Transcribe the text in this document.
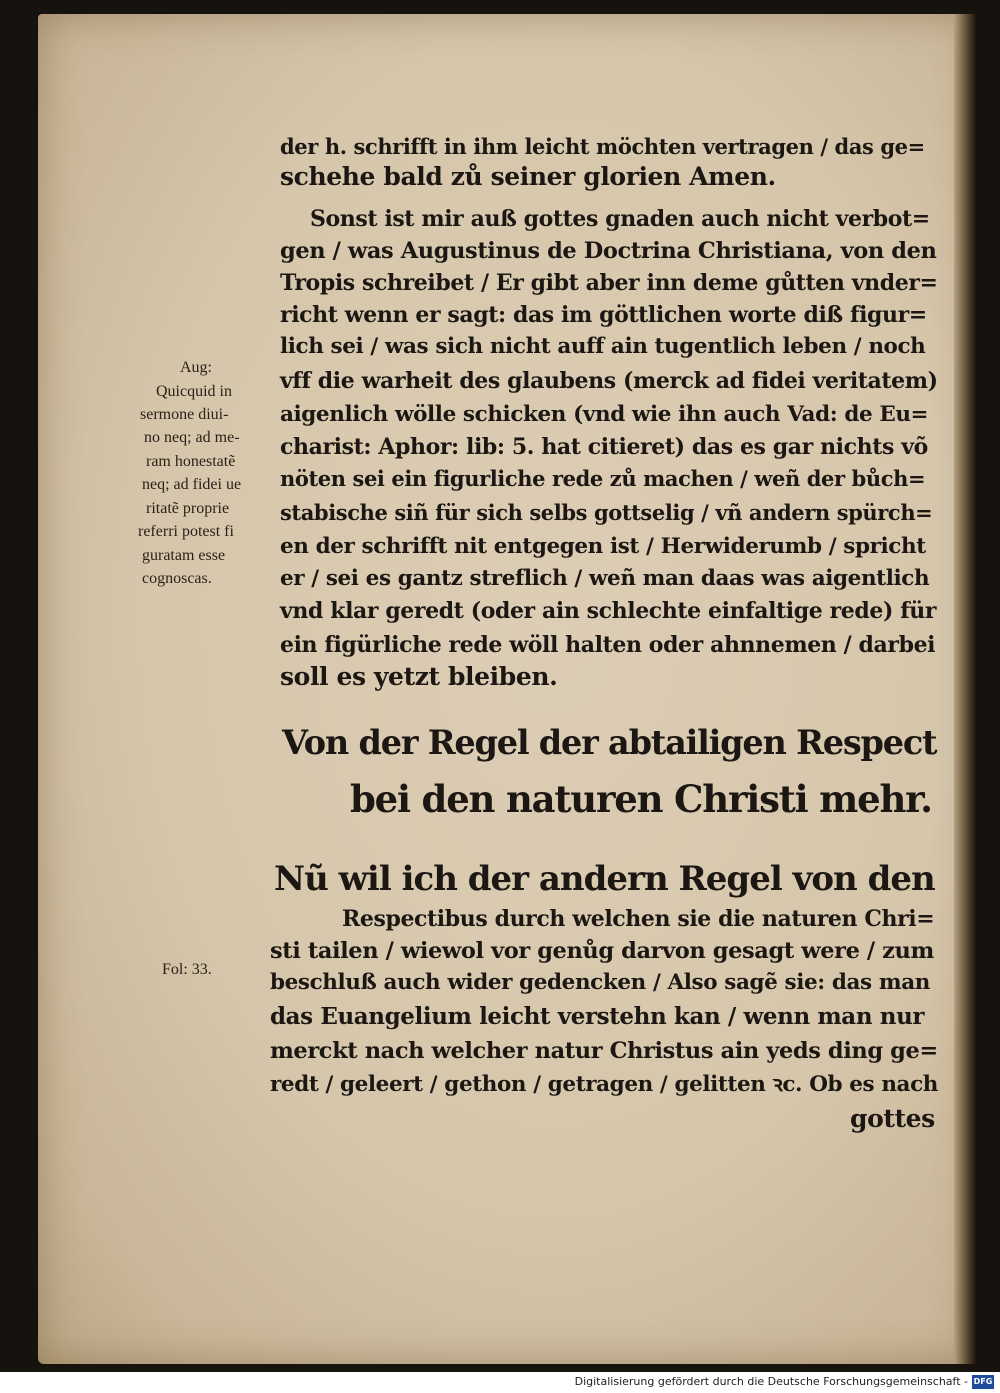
der h. schrifft in ihm leicht möchten vertragen / das ge=
schehe bald zů seiner glorien Amen.
Sonst ist mir auß gottes gnaden auch nicht verbot=
gen / was Augustinus de Doctrina Christiana, von den
Tropis schreibet / Er gibt aber inn deme gůtten vnder=
richt wenn er sagt: das im göttlichen worte diß figur=
lich sei / was sich nicht auff ain tugentlich leben / noch
vff die warheit des glaubens (merck ad fidei veritatem)
aigenlich wölle schicken (vnd wie ihn auch Vad: de Eu=
charist: Aphor: lib: 5. hat citieret) das es gar nichts võ
nöten sei ein figurliche rede zů machen / weñ der bůch=
stabische siñ für sich selbs gottselig / vñ andern spürch=
en der schrifft nit entgegen ist / Herwiderumb / spricht
er / sei es gantz streflich / weñ man daas was aigentlich
vnd klar geredt (oder ain schlechte einfaltige rede) für
ein figürliche rede wöll halten oder ahnnemen / darbei
soll es yetzt bleiben.
Von der Regel der abtailigen Respect
bei den naturen Christi mehr.
Nũ wil ich der andern Regel von den
Respectibus durch welchen sie die naturen Chri=
sti tailen / wiewol vor genůg darvon gesagt were / zum
beschluß auch wider gedencken / Also sagẽ sie: das man
das Euangelium leicht verstehn kan / wenn man nur
merckt nach welcher natur Christus ain yeds ding ge=
redt / geleert / gethon / getragen / gelitten ꝛc. Ob es nach
gottes
Aug:
Quicquid in
sermone diui-
no neq; ad me-
ram honestatẽ
neq; ad fidei ue
ritatẽ proprie
referri potest fi
guratam esse
cognoscas.
Fol: 33.
Digitalisierung gefördert durch die Deutsche Forschungsgemeinschaft - DFG
